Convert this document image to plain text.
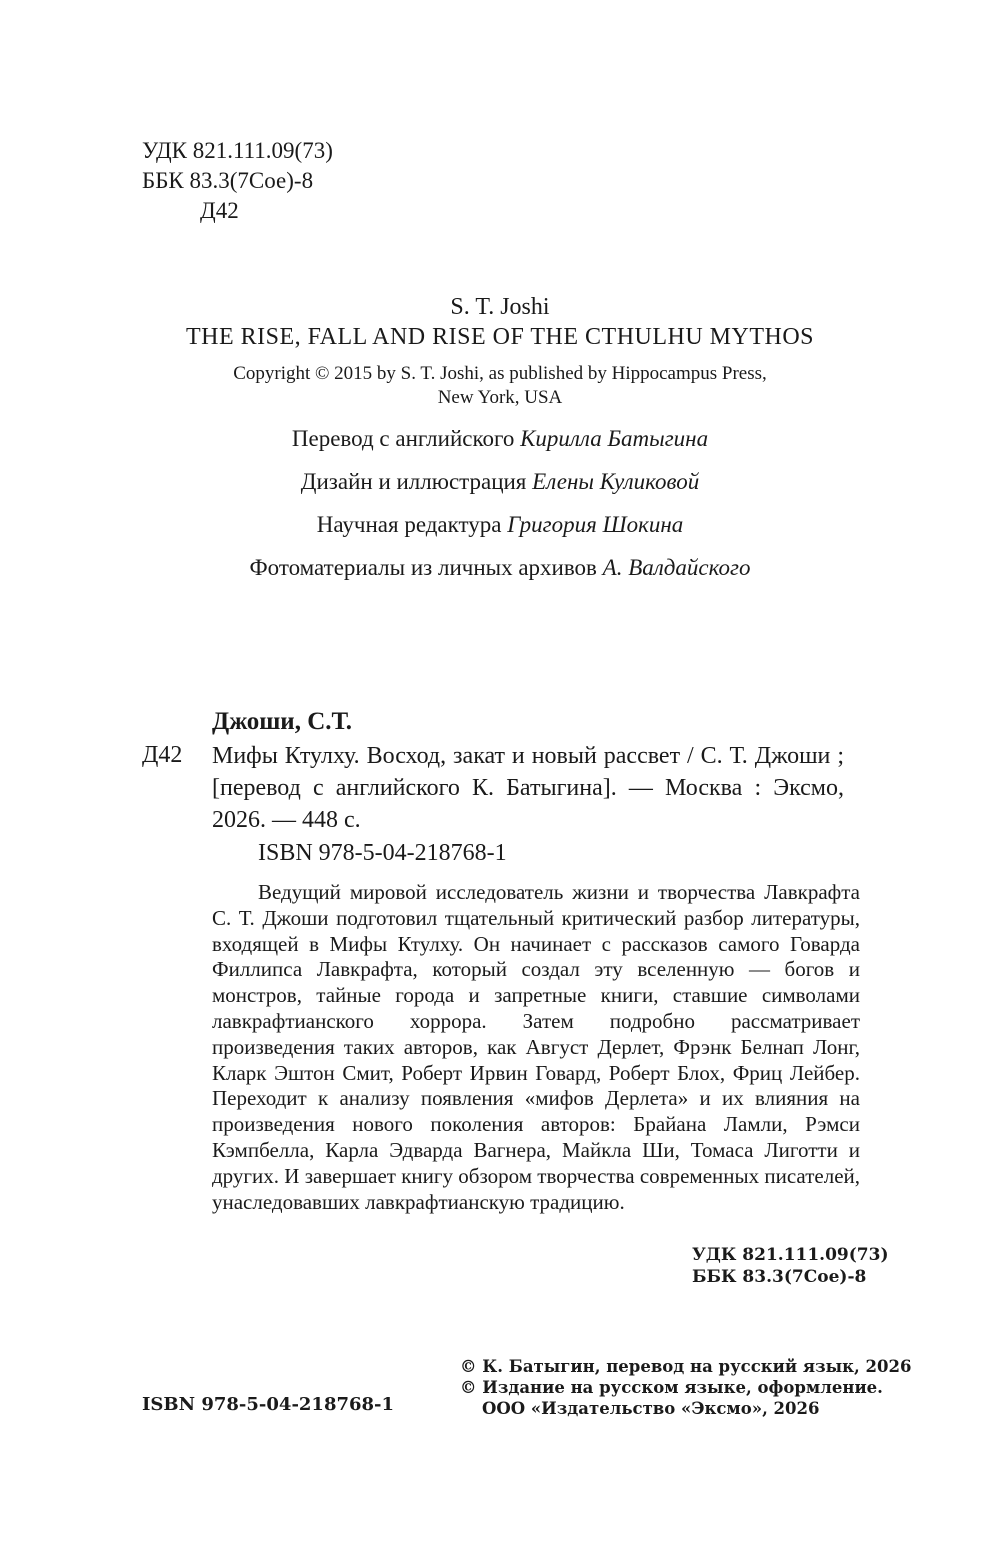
УДК 821.111.09(73)
ББК 83.3(7Сое)-8
Д42
S. T. Joshi
THE RISE, FALL AND RISE OF THE CTHULHU MYTHOS
Copyright © 2015 by S. T. Joshi, as published by Hippocampus Press,
New York, USA
Перевод с английского Кирилла Батыгина
Дизайн и иллюстрация Елены Куликовой
Научная редактура Григория Шокина
Фотоматериалы из личных архивов А. Валдайского
Джоши, С.Т.
Д42 Мифы Ктулху. Восход, закат и новый рассвет / С. Т. Джоши ; [перевод с английского К. Батыгина]. — Москва : Эксмо, 2026. — 448 с.
ISBN 978-5-04-218768-1

Ведущий мировой исследователь жизни и творчества Лавкрафта С. Т. Джоши подготовил тщательный критический разбор литературы, входящей в Мифы Ктулху. Он начинает с рассказов самого Говарда Филлипса Лавкрафта, который создал эту вселенную — богов и монстров, тайные города и запретные книги, ставшие символами лавкрафтианского хоррора. Затем подробно рассматривает произведения таких авторов, как Август Дерлет, Фрэнк Белнап Лонг, Кларк Эштон Смит, Роберт Ирвин Говард, Роберт Блох, Фриц Лейбер. Переходит к анализу появления «мифов Дерлета» и их влияния на произведения нового поколения авторов: Брайана Ламли, Рэмси Кэмпбелла, Карла Эдварда Вагнера, Майкла Ши, Томаса Лиготти и других. И завершает книгу обзором творчества современных писателей, унаследовавших лавкрафтианскую традицию.

УДК 821.111.09(73)
ББК 83.3(7Сое)-8
ISBN 978-5-04-218768-1
© К. Батыгин, перевод на русский язык, 2026
© Издание на русском языке, оформление.
ООО «Издательство «Эксмо», 2026
